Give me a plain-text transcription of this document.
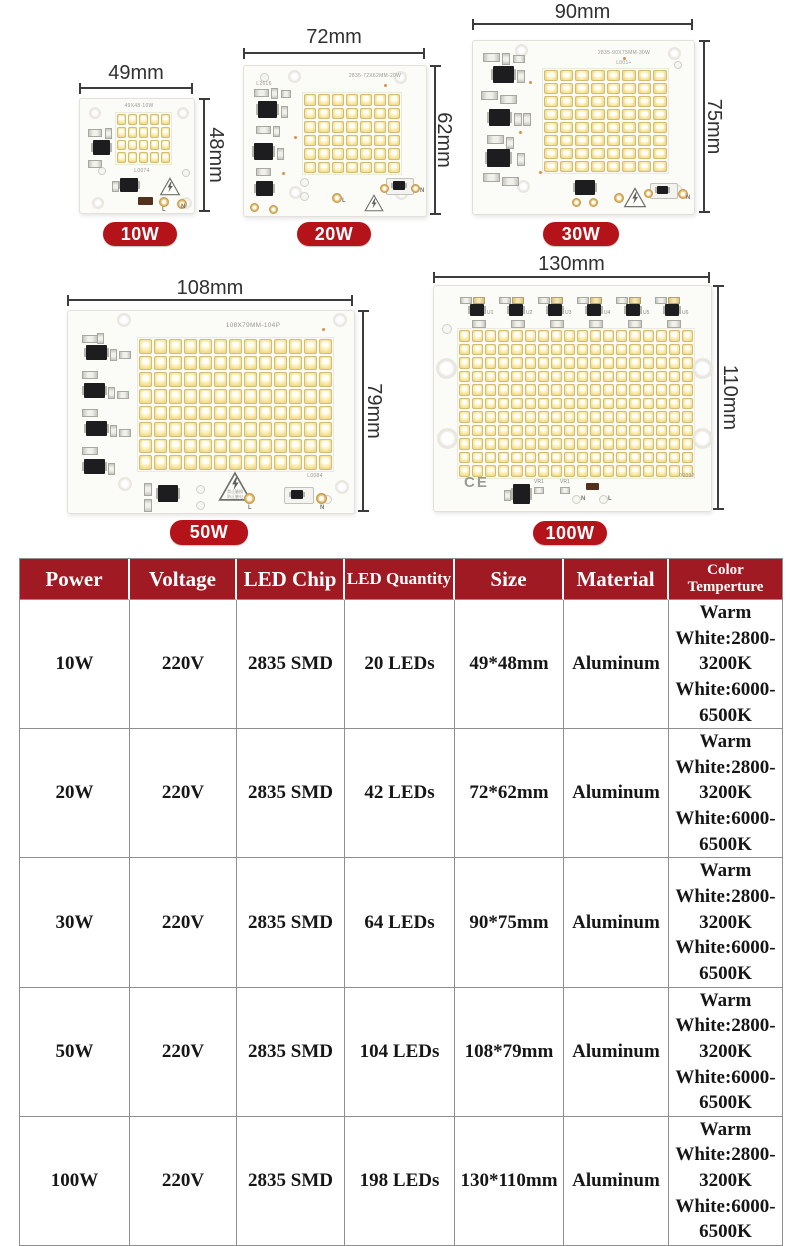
49X48-10W
L0074
L	N
L2616
2835-72X62MM-20W
L
N
2835-90X75MM-30W
L001+
N
108X79MM-104P
禁止触摸
防止触电
L
L0084
N
U1	U2	U3	U4	U5	U6
CE	VR1	VR1
N	L
02092
49mm
48mm
72mm
62mm
90mm
75mm
108mm
79mm
130mm
110mm
10W	20W	30W
50W	100W
Power	Voltage	LED Chip	LED Quantity	Size	Material	Color Temperture
10W	220V	2835 SMD	20 LEDs	49*48mm	Aluminum	Warm White:2800-3200K
White:6000-6500K

20W	220V	2835 SMD	42 LEDs	72*62mm	Aluminum	Warm White:2800-3200K
White:6000-6500K

30W	220V	2835 SMD	64 LEDs	90*75mm	Aluminum	Warm White:2800-3200K
White:6000-6500K

50W	220V	2835 SMD	104 LEDs	108*79mm	Aluminum	Warm White:2800-3200K
White:6000-6500K

100W	220V	2835 SMD	198 LEDs	130*110mm	Aluminum	Warm White:2800-3200K
White:6000-6500K
